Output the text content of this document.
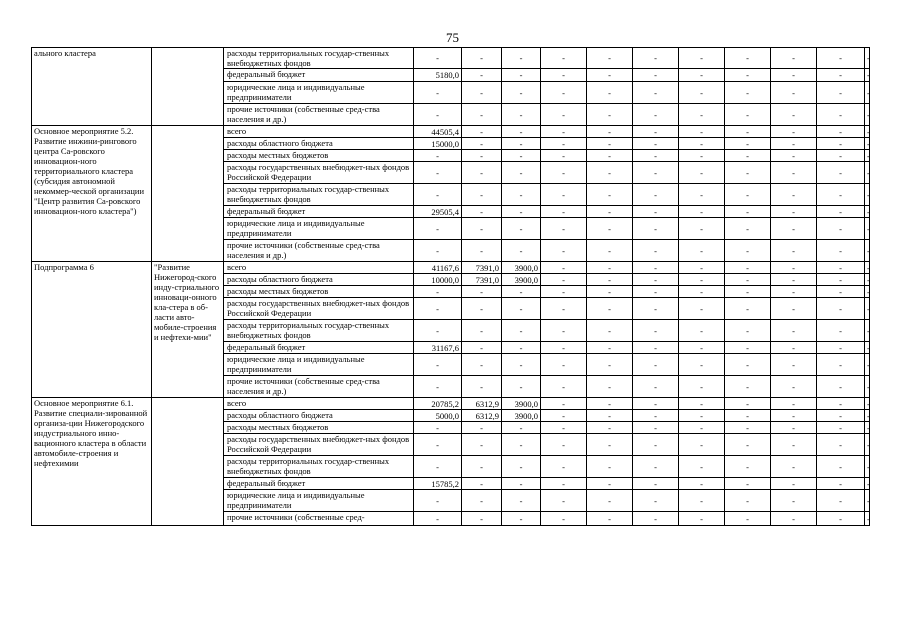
75
ального кластера		расходы территориальных государ-ственных внебюджетных фондов	-	-	-	-	-	-	-	-	-	-	-
		федеральный бюджет	5180,0	-	-	-	-	-	-	-	-	-	-
		юридические лица и индивидуальные предприниматели	-	-	-	-	-	-	-	-	-	-	-
		прочие источники (собственные сред-ства населения и др.)	-	-	-	-	-	-	-	-	-	-	-
Основное мероприятие 5.2. Развитие инжини-рингового центра Са-ровского инновацион-ного территориального кластера (субсидия автономной некоммер-ческой организации "Центр развития Са-ровского инновацион-ного кластера")		всего	44505,4	-	-	-	-	-	-	-	-	-	-
		расходы областного бюджета	15000,0	-	-	-	-	-	-	-	-	-	-
		расходы местных бюджетов	-	-	-	-	-	-	-	-	-	-	-
		расходы государственных внебюджет-ных фондов Российской Федерации	-	-	-	-	-	-	-	-	-	-	-
		расходы территориальных государ-ственных внебюджетных фондов	-	-	-	-	-	-	-	-	-	-	-
		федеральный бюджет	29505,4	-	-	-	-	-	-	-	-	-	-
		юридические лица и индивидуальные предприниматели	-	-	-	-	-	-	-	-	-	-	-
		прочие источники (собственные сред-ства населения и др.)	-	-	-	-	-	-	-	-	-	-	-
Подпрограмма 6	"Развитие Нижегород-ского инду-стриального инноваци-онного кла-стера в об-ласти авто-мобиле-строения и нефтехи-мии"	всего	41167,6	7391,0	3900,0	-	-	-	-	-	-	-	-
		расходы областного бюджета	10000,0	7391,0	3900,0	-	-	-	-	-	-	-	-
		расходы местных бюджетов	-	-	-	-	-	-	-	-	-	-	-
		расходы государственных внебюджет-ных фондов Российской Федерации	-	-	-	-	-	-	-	-	-	-	-
		расходы территориальных государ-ственных внебюджетных фондов	-	-	-	-	-	-	-	-	-	-	-
		федеральный бюджет	31167,6	-	-	-	-	-	-	-	-	-	-
		юридические лица и индивидуальные предприниматели	-	-	-	-	-	-	-	-	-	-	-
		прочие источники (собственные сред-ства населения и др.)	-	-	-	-	-	-	-	-	-	-	-
Основное мероприятие 6.1. Развитие специали-зированной организа-ции Нижегородского индустриального инно-вационного кластера в области автомобиле-строения и нефтехимии		всего	20785,2	6312,9	3900,0	-	-	-	-	-	-	-	-
		расходы областного бюджета	5000,0	6312,9	3900,0	-	-	-	-	-	-	-	-
		расходы местных бюджетов	-	-	-	-	-	-	-	-	-	-	-
		расходы государственных внебюджет-ных фондов Российской Федерации	-	-	-	-	-	-	-	-	-	-	-
		расходы территориальных государ-ственных внебюджетных фондов	-	-	-	-	-	-	-	-	-	-	-
		федеральный бюджет	15785,2	-	-	-	-	-	-	-	-	-	-
		юридические лица и индивидуальные предприниматели	-	-	-	-	-	-	-	-	-	-	-
		прочие источники (собственные сред-	-	-	-	-	-	-	-	-	-	-	-
